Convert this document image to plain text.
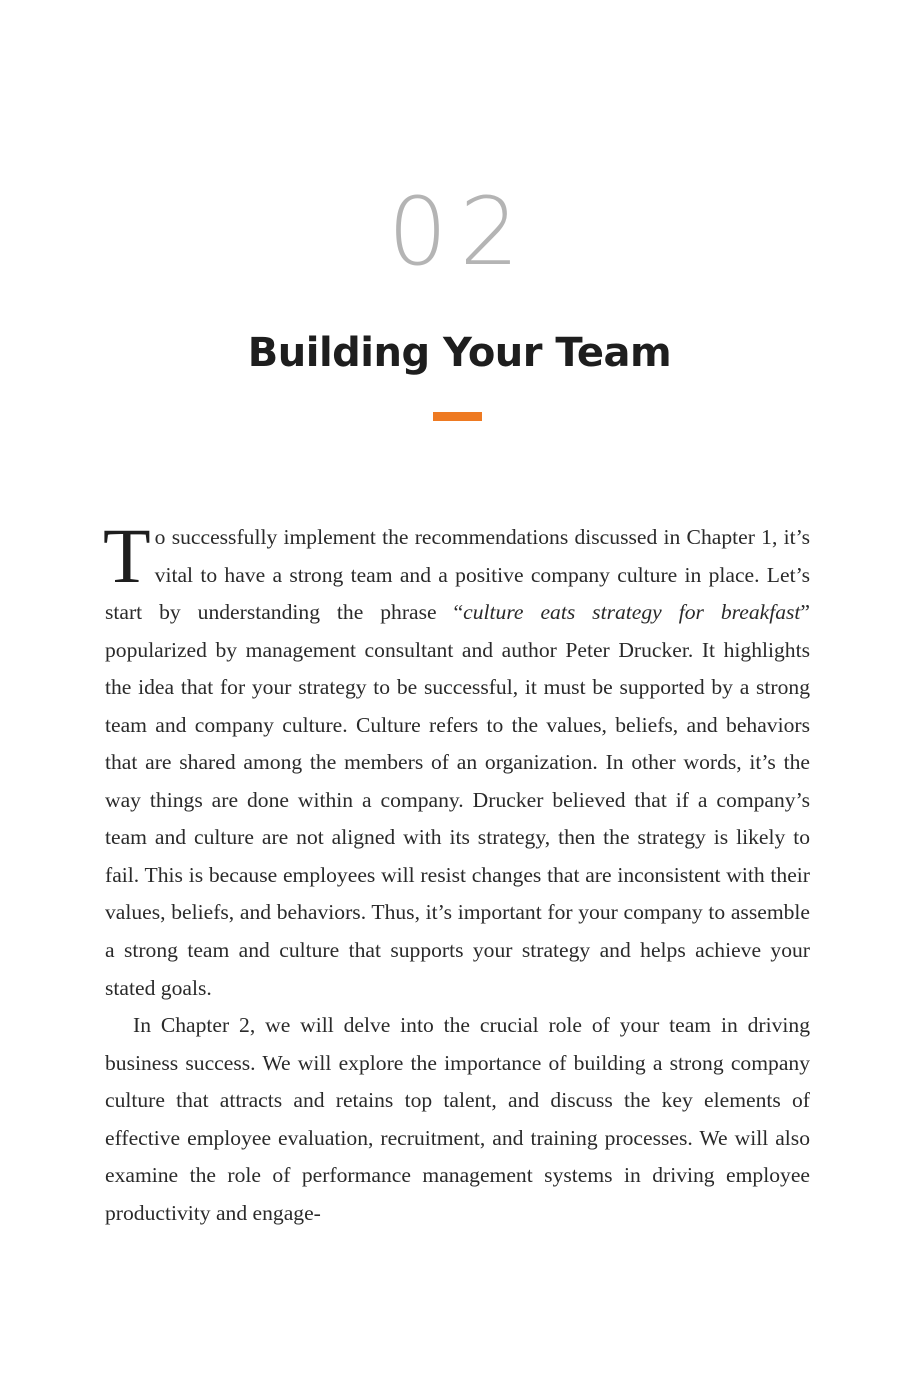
02
Building Your Team

To successfully implement the recommendations discussed in Chapter 1, it’s vital to have a strong team and a positive company culture in place. Let’s start by understanding the phrase “culture eats strategy for breakfast” popularized by management consultant and author Peter Drucker. It highlights the idea that for your strategy to be successful, it must be supported by a strong team and company culture. Culture refers to the values, beliefs, and behaviors that are shared among the members of an organization. In other words, it’s the way things are done within a company. Drucker believed that if a company’s team and culture are not aligned with its strategy, then the strategy is likely to fail. This is because employees will resist changes that are inconsistent with their values, beliefs, and behaviors. Thus, it’s important for your company to assemble a strong team and culture that supports your strategy and helps achieve your stated goals.

In Chapter 2, we will delve into the crucial role of your team in driving business success. We will explore the importance of building a strong company culture that attracts and retains top talent, and discuss the key elements of effective employee evaluation, recruitment, and training processes. We will also examine the role of performance management systems in driving employee productivity and engage-
